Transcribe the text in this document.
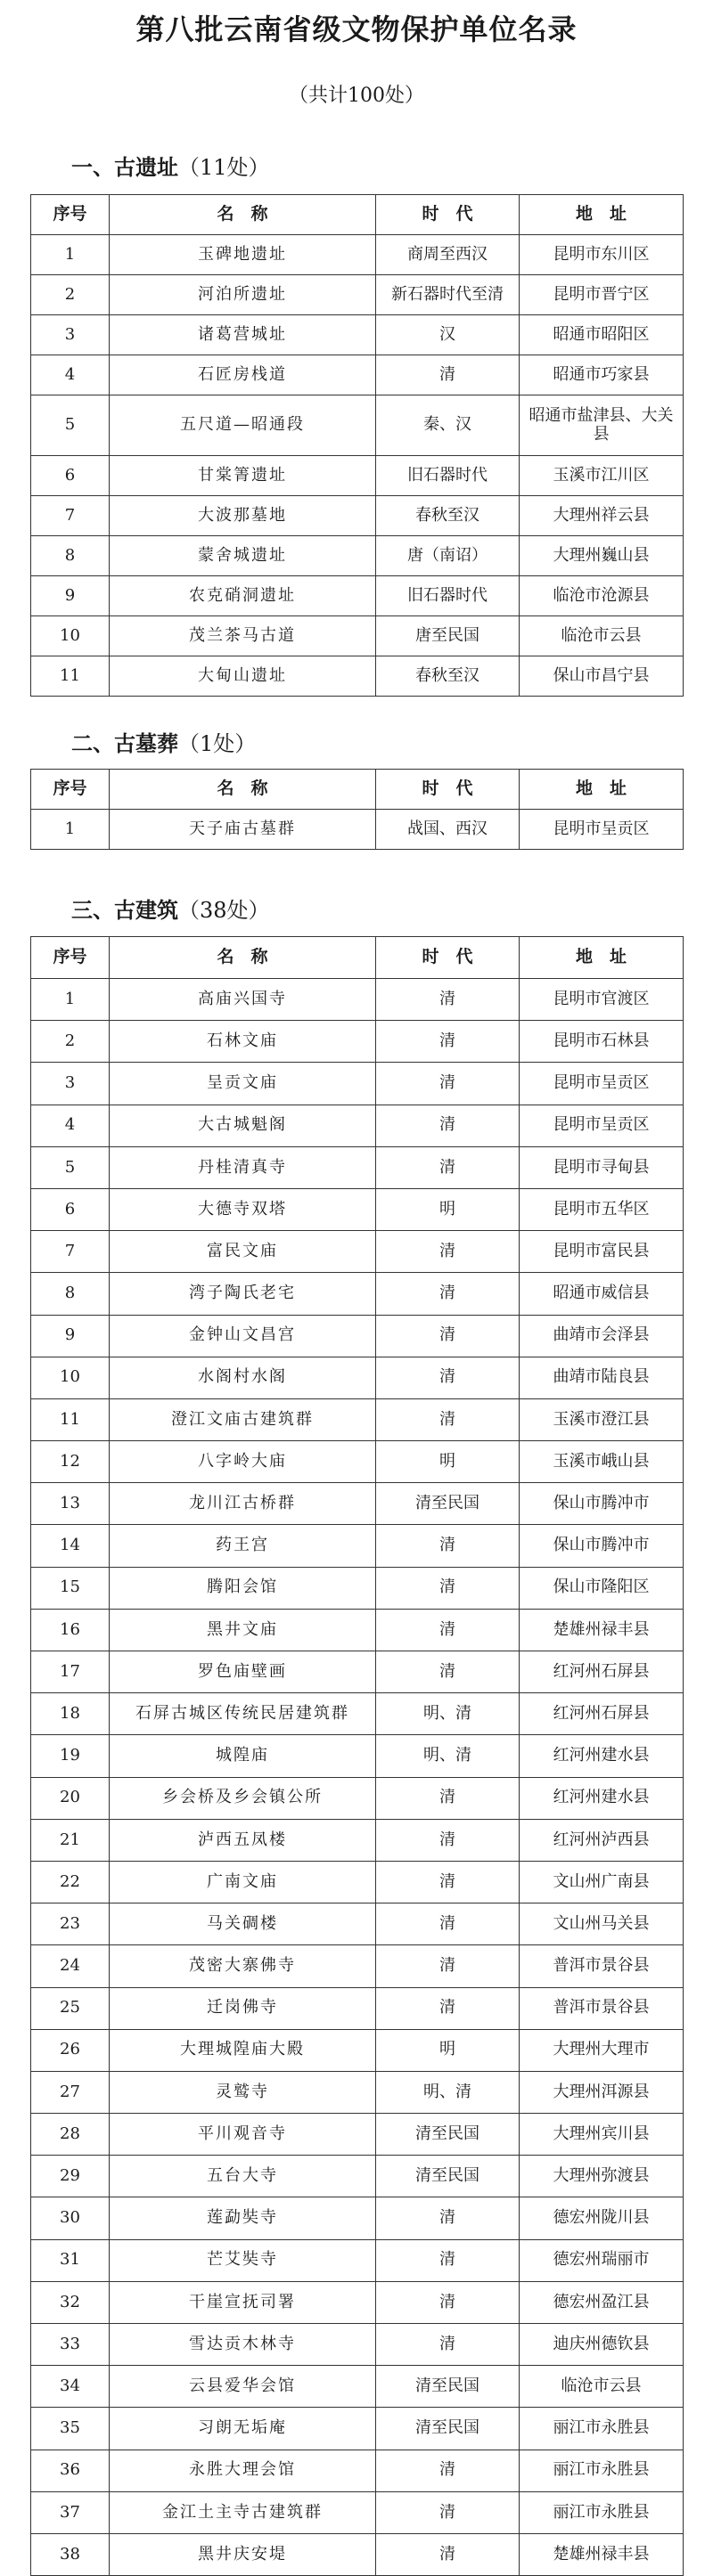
第八批云南省级文物保护单位名录
（共计100处）
一、古遗址（11处）
序号	名　称	时　代	地　址
1	玉碑地遗址	商周至西汉	昆明市东川区
2	河泊所遗址	新石器时代至清	昆明市晋宁区
3	诸葛营城址	汉	昭通市昭阳区
4	石匠房栈道	清	昭通市巧家县
5	五尺道—昭通段	秦、汉	昭通市盐津县、大关县
6	甘棠箐遗址	旧石器时代	玉溪市江川区
7	大波那墓地	春秋至汉	大理州祥云县
8	蒙舍城遗址	唐（南诏）	大理州巍山县
9	农克硝洞遗址	旧石器时代	临沧市沧源县
10	茂兰茶马古道	唐至民国	临沧市云县
11	大甸山遗址	春秋至汉	保山市昌宁县
二、古墓葬（1处）
序号	名　称	时　代	地　址
1	天子庙古墓群	战国、西汉	昆明市呈贡区
三、古建筑（38处）
序号	名　称	时　代	地　址
1	高庙兴国寺	清	昆明市官渡区
2	石林文庙	清	昆明市石林县
3	呈贡文庙	清	昆明市呈贡区
4	大古城魁阁	清	昆明市呈贡区
5	丹桂清真寺	清	昆明市寻甸县
6	大德寺双塔	明	昆明市五华区
7	富民文庙	清	昆明市富民县
8	湾子陶氏老宅	清	昭通市威信县
9	金钟山文昌宫	清	曲靖市会泽县
10	水阁村水阁	清	曲靖市陆良县
11	澄江文庙古建筑群	清	玉溪市澄江县
12	八字岭大庙	明	玉溪市峨山县
13	龙川江古桥群	清至民国	保山市腾冲市
14	药王宫	清	保山市腾冲市
15	腾阳会馆	清	保山市隆阳区
16	黑井文庙	清	楚雄州禄丰县
17	罗色庙壁画	清	红河州石屏县
18	石屏古城区传统民居建筑群	明、清	红河州石屏县
19	城隍庙	明、清	红河州建水县
20	乡会桥及乡会镇公所	清	红河州建水县
21	泸西五凤楼	清	红河州泸西县
22	广南文庙	清	文山州广南县
23	马关碉楼	清	文山州马关县
24	茂密大寨佛寺	清	普洱市景谷县
25	迁岗佛寺	清	普洱市景谷县
26	大理城隍庙大殿	明	大理州大理市
27	灵鹫寺	明、清	大理州洱源县
28	平川观音寺	清至民国	大理州宾川县
29	五台大寺	清至民国	大理州弥渡县
30	莲勐奘寺	清	德宏州陇川县
31	芒艾奘寺	清	德宏州瑞丽市
32	干崖宣抚司署	清	德宏州盈江县
33	雪达贡木林寺	清	迪庆州德钦县
34	云县爱华会馆	清至民国	临沧市云县
35	习朗无垢庵	清至民国	丽江市永胜县
36	永胜大理会馆	清	丽江市永胜县
37	金江土主寺古建筑群	清	丽江市永胜县
38	黑井庆安堤	清	楚雄州禄丰县
